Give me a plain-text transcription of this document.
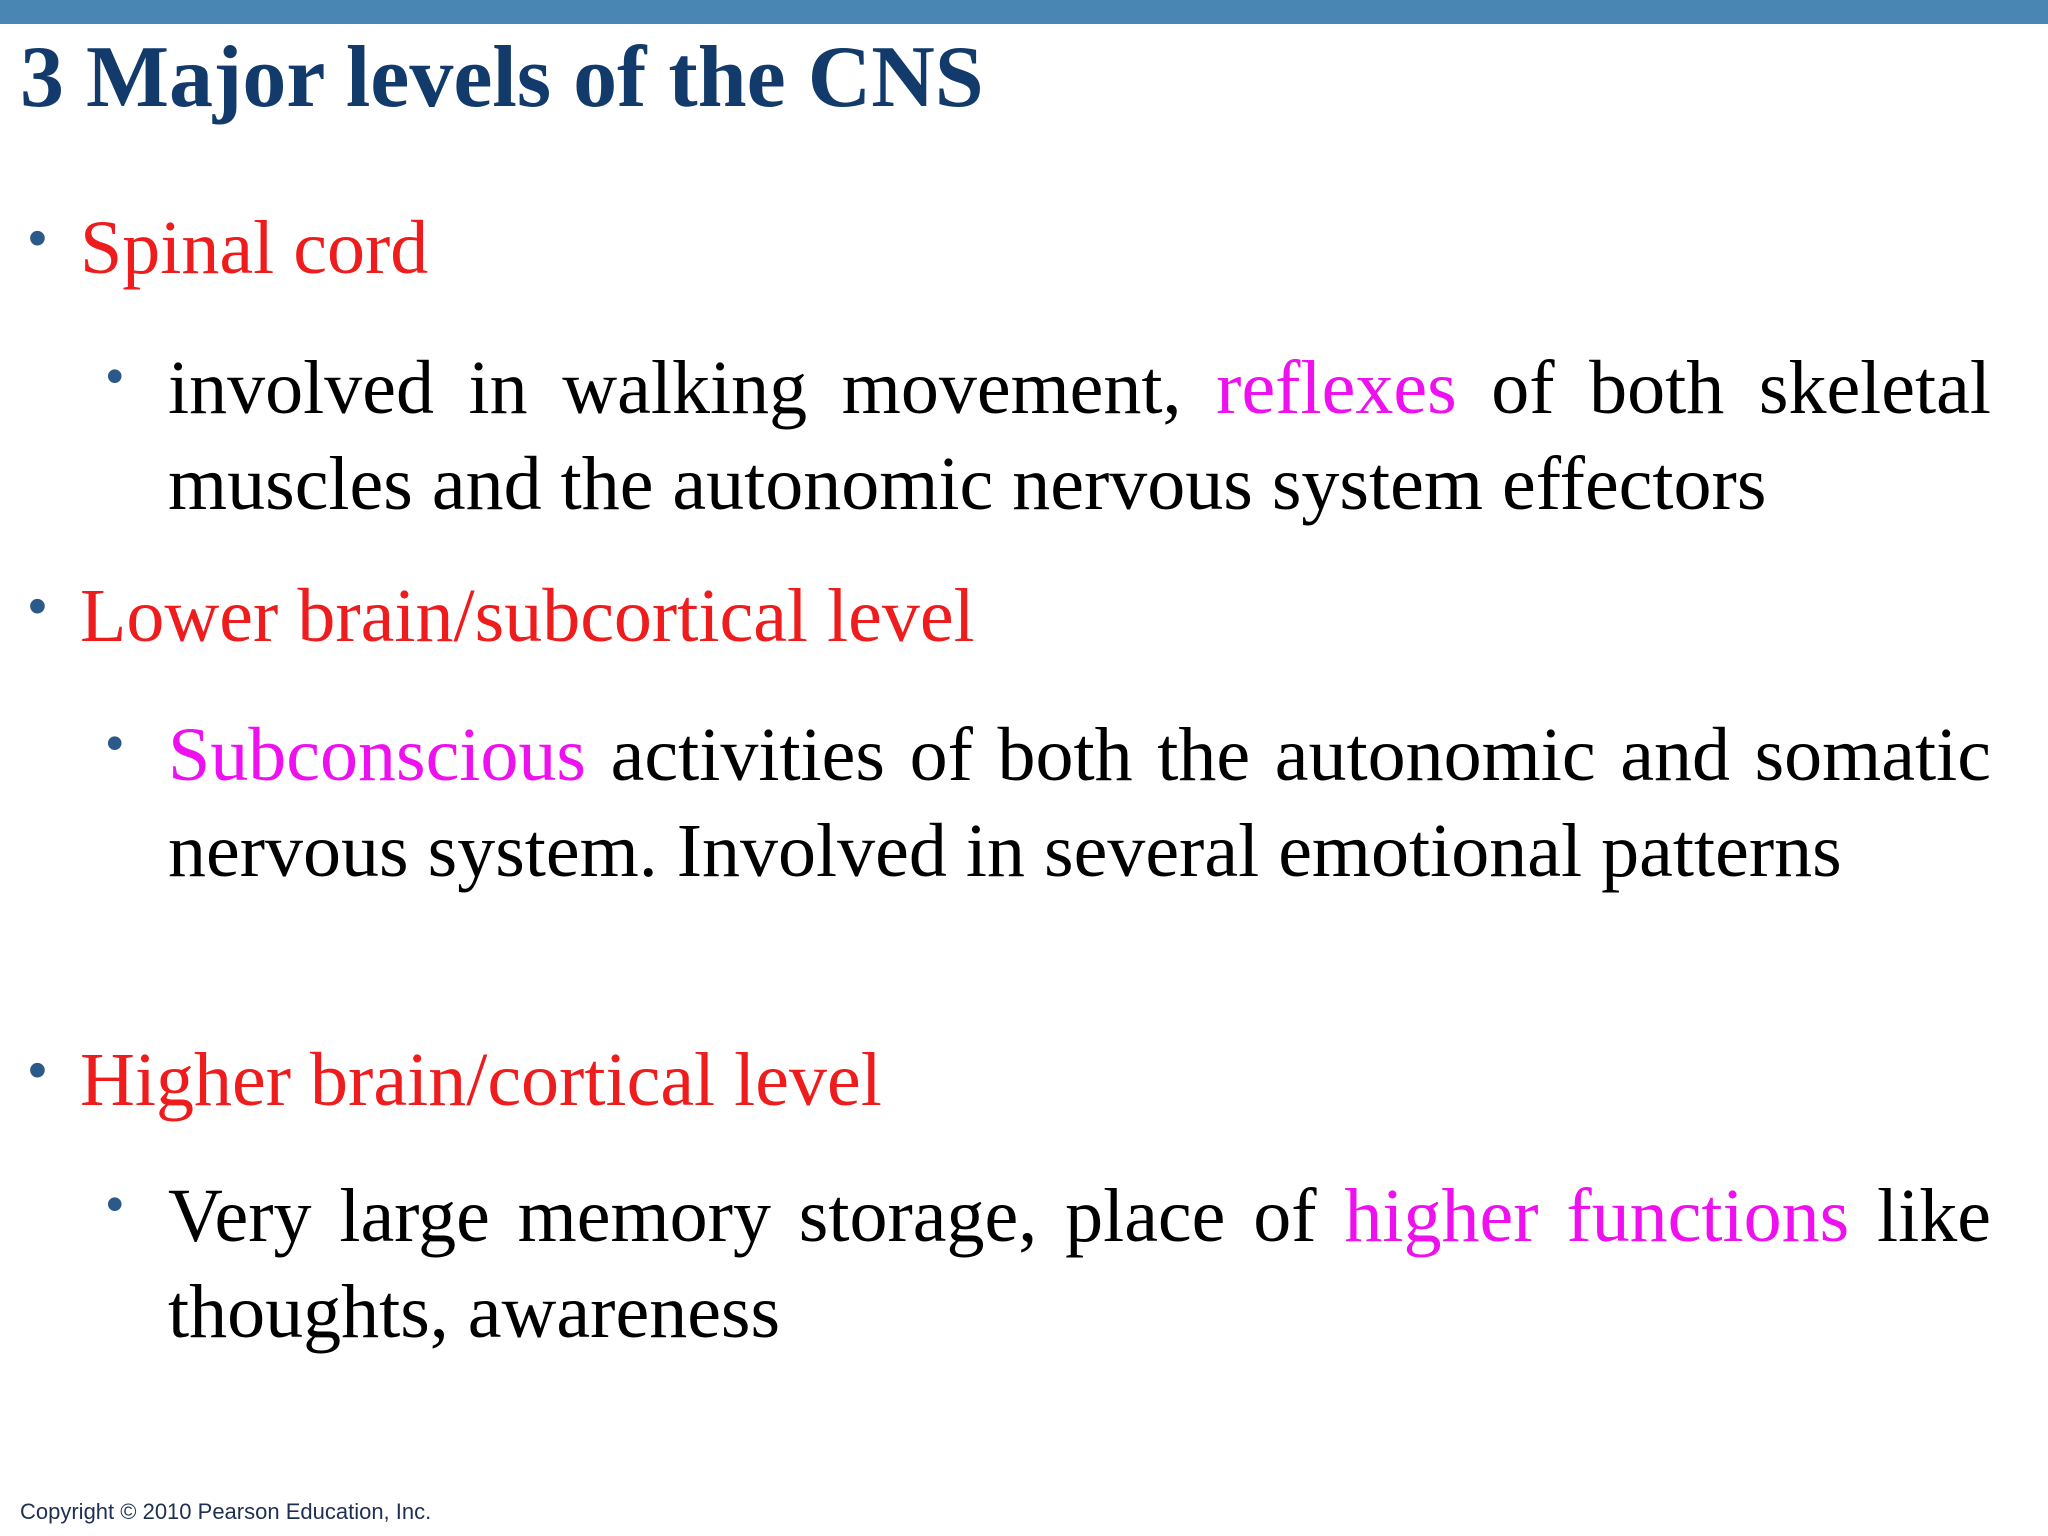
3 Major levels of the CNS
• Spinal cord
• involved in walking movement, reflexes of both skeletal muscles and the autonomic nervous system effectors
• Lower brain/subcortical level
• Subconscious activities of both the autonomic and somatic nervous system. Involved in several emotional patterns
• Higher brain/cortical level
• Very large memory storage, place of higher functions like thoughts, awareness
Copyright © 2010 Pearson Education, Inc.
